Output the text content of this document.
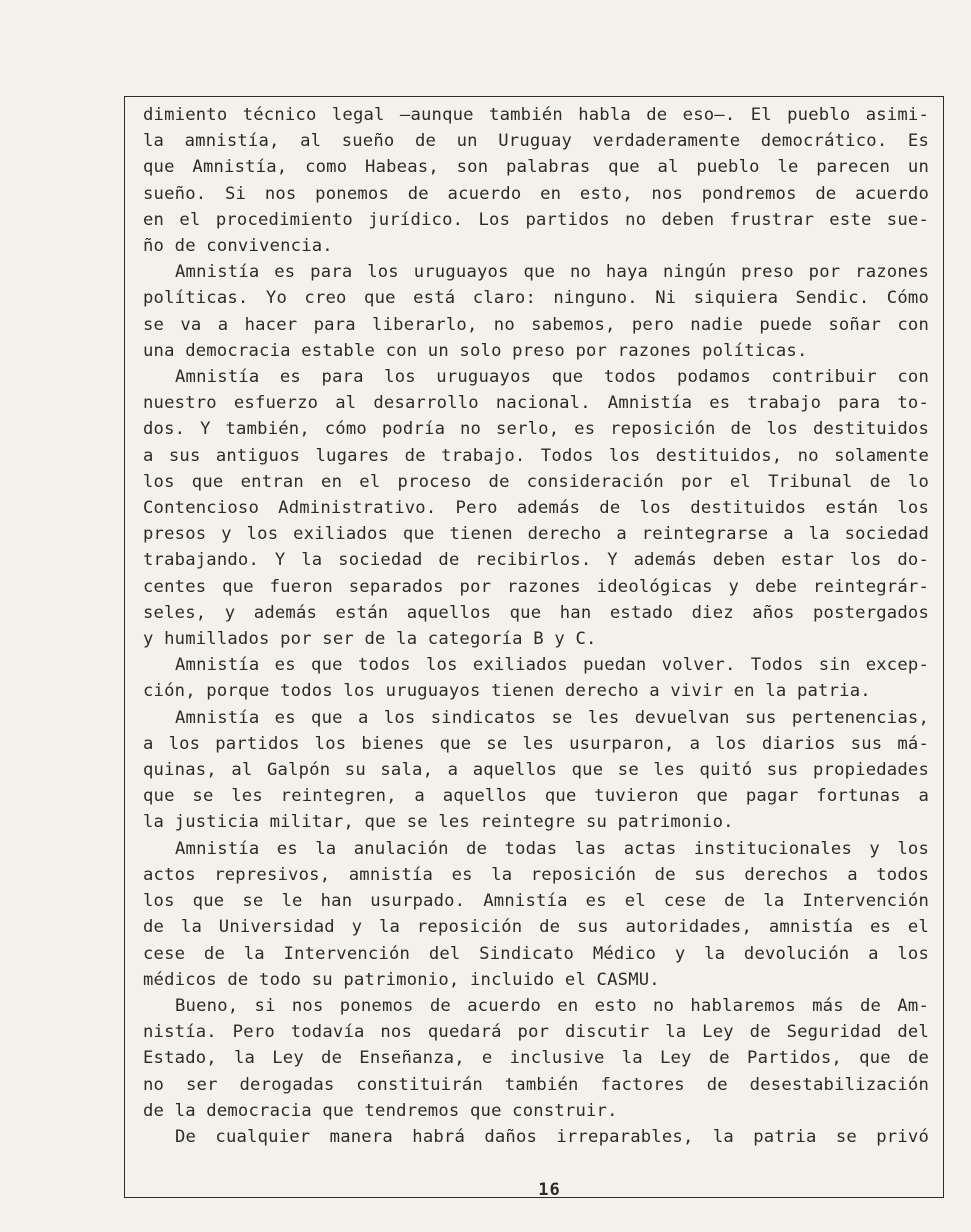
dimiento técnico legal –aunque también habla de eso–. El pueblo asimi-
la amnistía, al sueño de un Uruguay verdaderamente democrático. Es
que Amnistía, como Habeas, son palabras que al pueblo le parecen un
sueño. Si nos ponemos de acuerdo en esto, nos pondremos de acuerdo
en el procedimiento jurídico. Los partidos no deben frustrar este sue-
ño de convivencia.
Amnistía es para los uruguayos que no haya ningún preso por razones
políticas. Yo creo que está claro: ninguno. Ni siquiera Sendic. Cómo
se va a hacer para liberarlo, no sabemos, pero nadie puede soñar con
una democracia estable con un solo preso por razones políticas.
Amnistía es para los uruguayos que todos podamos contribuir con
nuestro esfuerzo al desarrollo nacional. Amnistía es trabajo para to-
dos. Y también, cómo podría no serlo, es reposición de los destituidos
a sus antiguos lugares de trabajo. Todos los destituidos, no solamente
los que entran en el proceso de consideración por el Tribunal de lo
Contencioso Administrativo. Pero además de los destituidos están los
presos y los exiliados que tienen derecho a reintegrarse a la sociedad
trabajando. Y la sociedad de recibirlos. Y además deben estar los do-
centes que fueron separados por razones ideológicas y debe reintegrár-
seles, y además están aquellos que han estado diez años postergados
y humillados por ser de la categoría B y C.
Amnistía es que todos los exiliados puedan volver. Todos sin excep-
ción, porque todos los uruguayos tienen derecho a vivir en la patria.
Amnistía es que a los sindicatos se les devuelvan sus pertenencias,
a los partidos los bienes que se les usurparon, a los diarios sus má-
quinas, al Galpón su sala, a aquellos que se les quitó sus propiedades
que se les reintegren, a aquellos que tuvieron que pagar fortunas a
la justicia militar, que se les reintegre su patrimonio.
Amnistía es la anulación de todas las actas institucionales y los
actos represivos, amnistía es la reposición de sus derechos a todos
los que se le han usurpado. Amnistía es el cese de la Intervención
de la Universidad y la reposición de sus autoridades, amnistía es el
cese de la Intervención del Sindicato Médico y la devolución a los
médicos de todo su patrimonio, incluido el CASMU.
Bueno, si nos ponemos de acuerdo en esto no hablaremos más de Am-
nistía. Pero todavía nos quedará por discutir la Ley de Seguridad del
Estado, la Ley de Enseñanza, e inclusive la Ley de Partidos, que de
no ser derogadas constituirán también factores de desestabilización
de la democracia que tendremos que construir.
De cualquier manera habrá daños irreparables, la patria se privó
16
